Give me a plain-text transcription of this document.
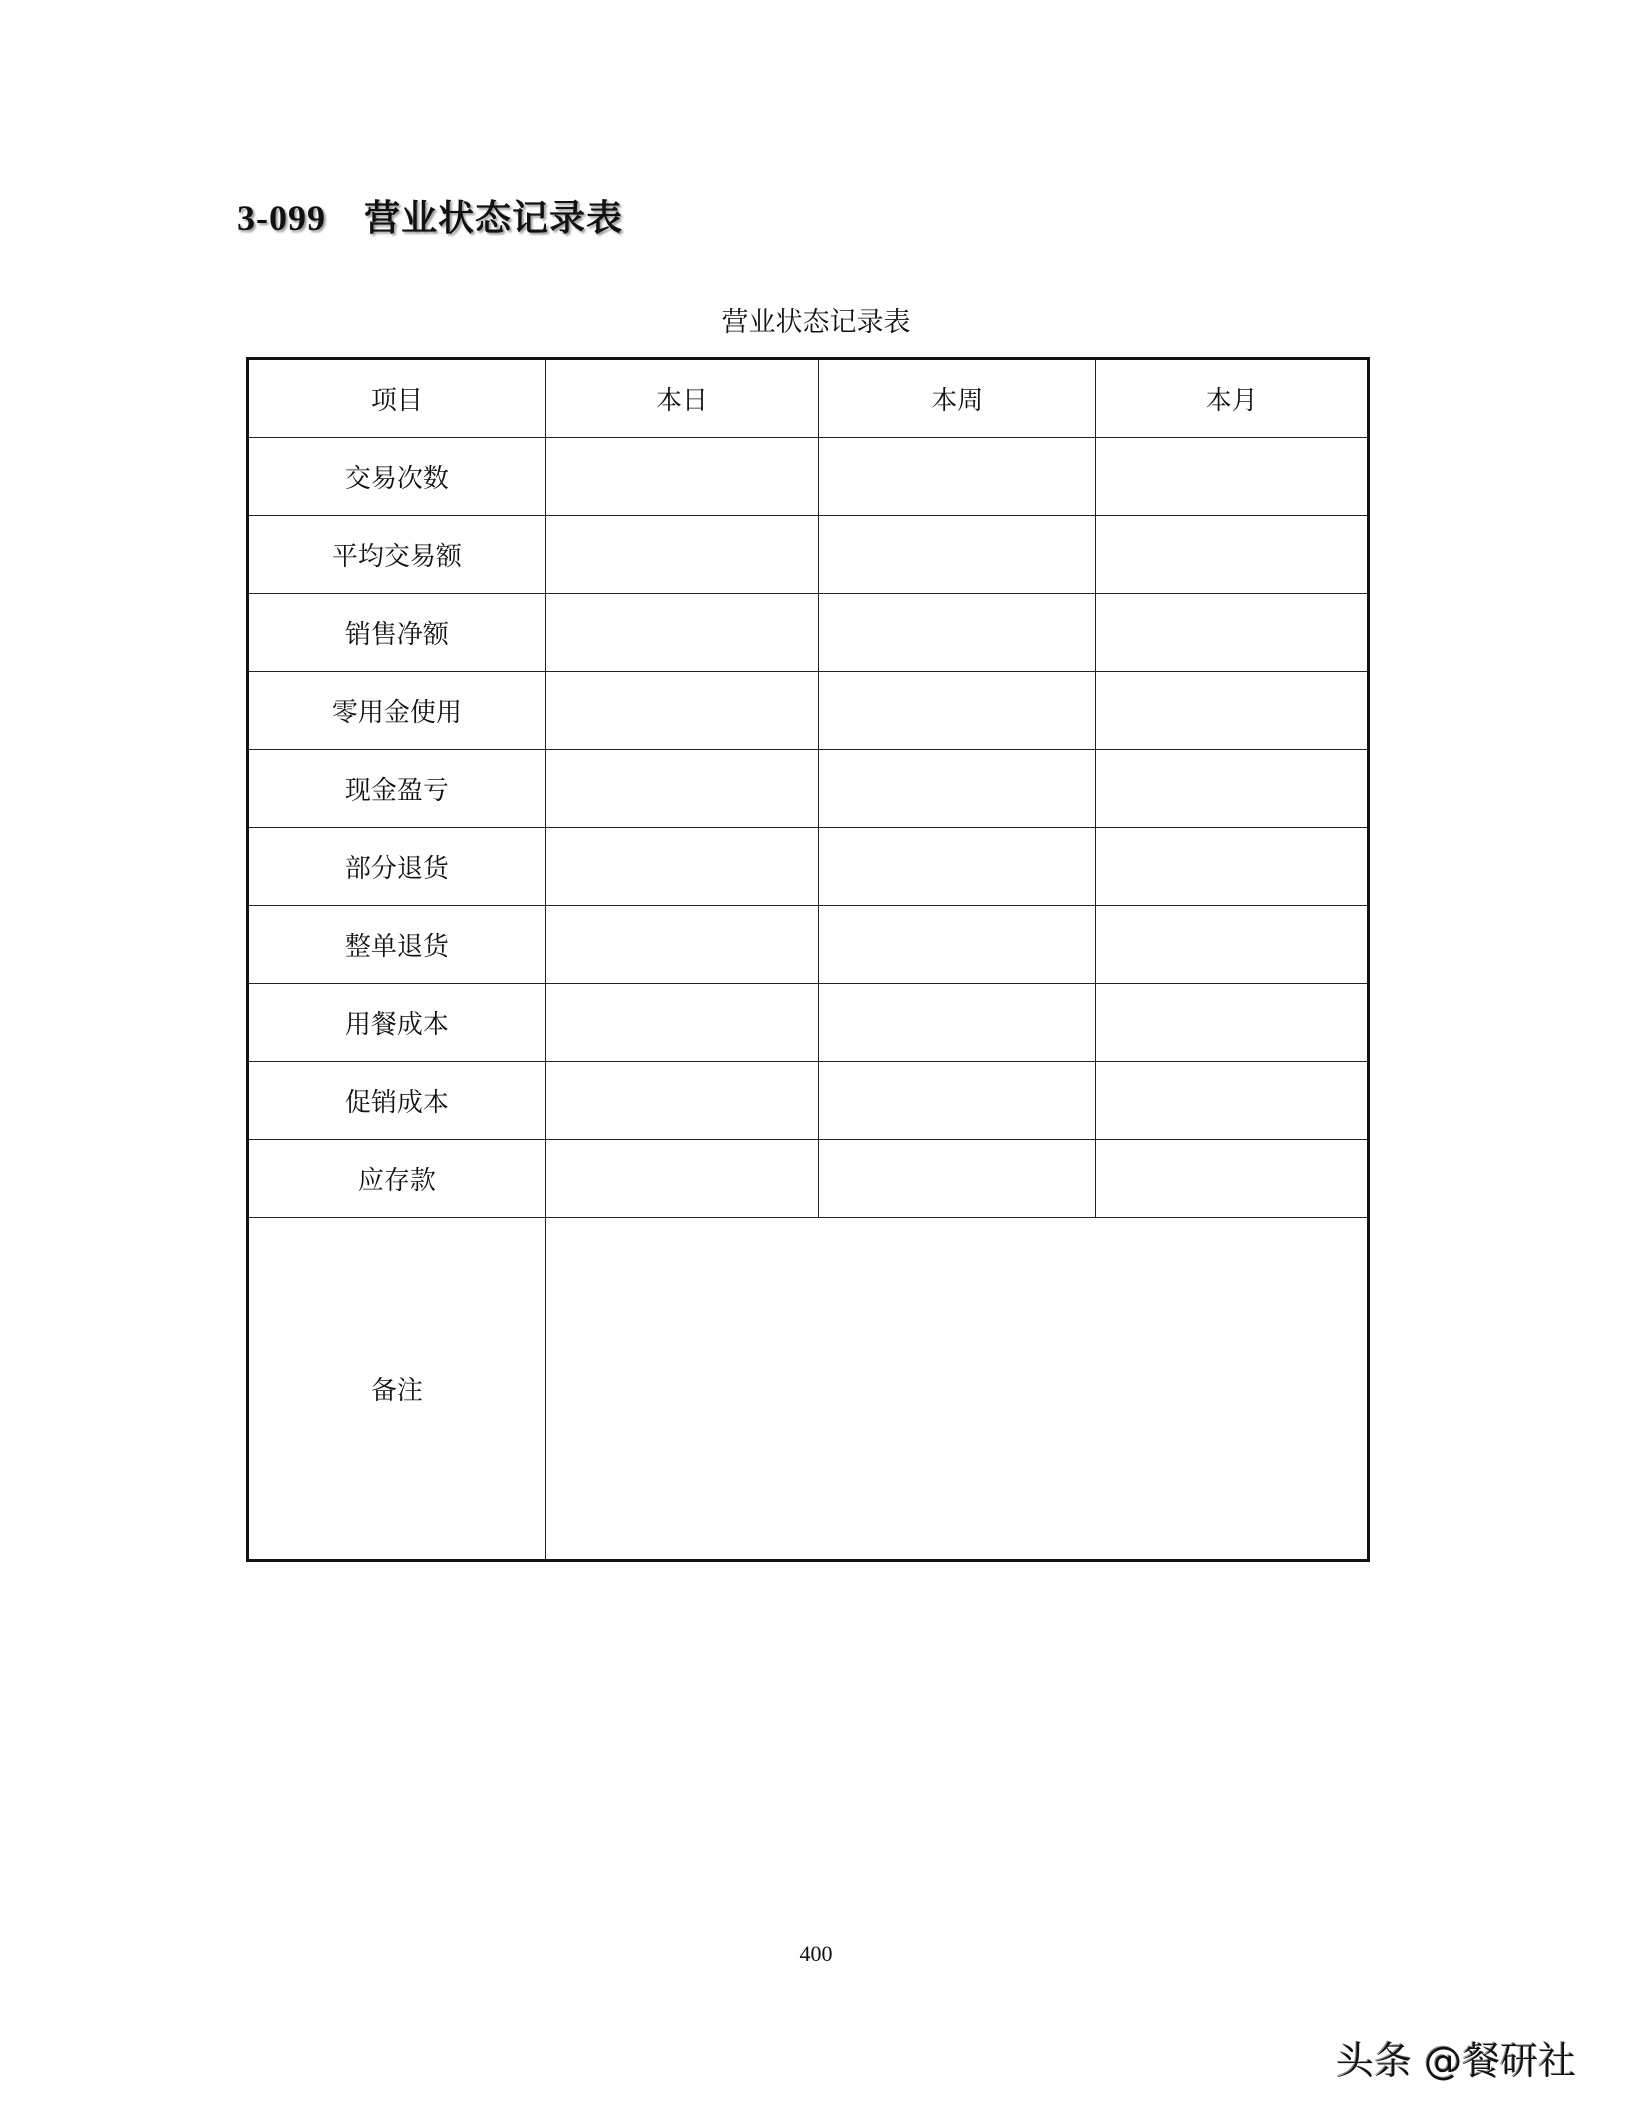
3-099 营业状态记录表
营业状态记录表
项目	本日	本周	本月
交易次数			
平均交易额			
销售净额			
零用金使用			
现金盈亏			
部分退货			
整单退货			
用餐成本			
促销成本			
应存款			
备注			
400
头条 @餐研社
